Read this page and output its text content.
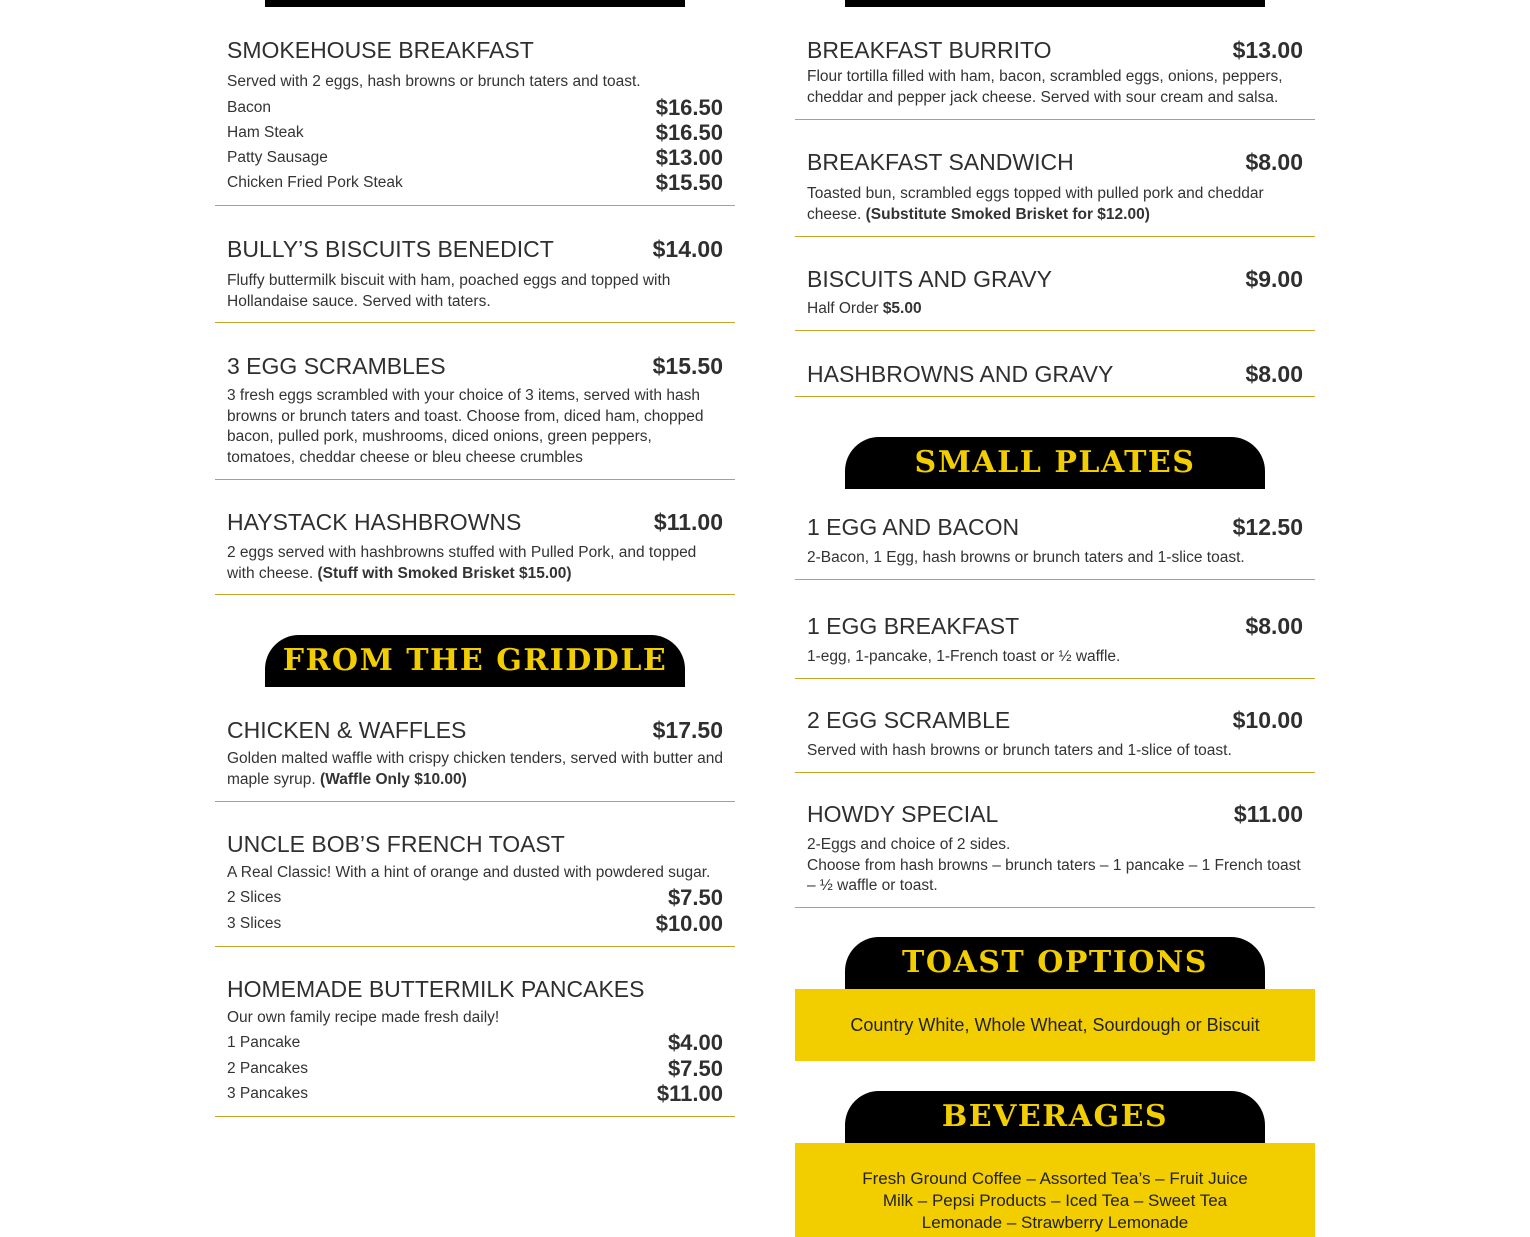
SMOKEHOUSE BREAKFAST
Served with 2 eggs, hash browns or brunch taters and toast.
Bacon	$16.50
Ham Steak	$16.50
Patty Sausage	$13.00
Chicken Fried Pork Steak	$15.50
BULLY’S BISCUITS BENEDICT	$14.00
Fluffy buttermilk biscuit with ham, poached eggs and topped with Hollandaise sauce. Served with taters.
3 EGG SCRAMBLES	$15.50
3 fresh eggs scrambled with your choice of 3 items, served with hash browns or brunch taters and toast. Choose from, diced ham, chopped bacon, pulled pork, mushrooms, diced onions, green peppers, tomatoes, cheddar cheese or bleu cheese crumbles
HAYSTACK HASHBROWNS	$11.00
2 eggs served with hashbrowns stuffed with Pulled Pork, and topped with cheese. (Stuff with Smoked Brisket $15.00)
FROM THE GRIDDLE
CHICKEN & WAFFLES	$17.50
Golden malted waffle with crispy chicken tenders, served with butter and maple syrup. (Waffle Only $10.00)
UNCLE BOB’S FRENCH TOAST
A Real Classic! With a hint of orange and dusted with powdered sugar.
2 Slices	$7.50
3 Slices	$10.00
HOMEMADE BUTTERMILK PANCAKES
Our own family recipe made fresh daily!
1 Pancake	$4.00
2 Pancakes	$7.50
3 Pancakes	$11.00
BREAKFAST BURRITO	$13.00
Flour tortilla filled with ham, bacon, scrambled eggs, onions, peppers, cheddar and pepper jack cheese. Served with sour cream and salsa.
BREAKFAST SANDWICH	$8.00
Toasted bun, scrambled eggs topped with pulled pork and cheddar cheese. (Substitute Smoked Brisket for $12.00)
BISCUITS AND GRAVY	$9.00
Half Order $5.00
HASHBROWNS AND GRAVY	$8.00
SMALL PLATES
1 EGG AND BACON	$12.50
2-Bacon, 1 Egg, hash browns or brunch taters and 1-slice toast.
1 EGG BREAKFAST	$8.00
1-egg, 1-pancake, 1-French toast or ½ waffle.
2 EGG SCRAMBLE	$10.00
Served with hash browns or brunch taters and 1-slice of toast.
HOWDY SPECIAL	$11.00
2-Eggs and choice of 2 sides.
Choose from hash browns – brunch taters – 1 pancake – 1 French toast – ½ waffle or toast.
TOAST OPTIONS
Country White, Whole Wheat, Sourdough or Biscuit
BEVERAGES
Fresh Ground Coffee – Assorted Tea’s – Fruit Juice
Milk – Pepsi Products – Iced Tea – Sweet Tea
Lemonade – Strawberry Lemonade
